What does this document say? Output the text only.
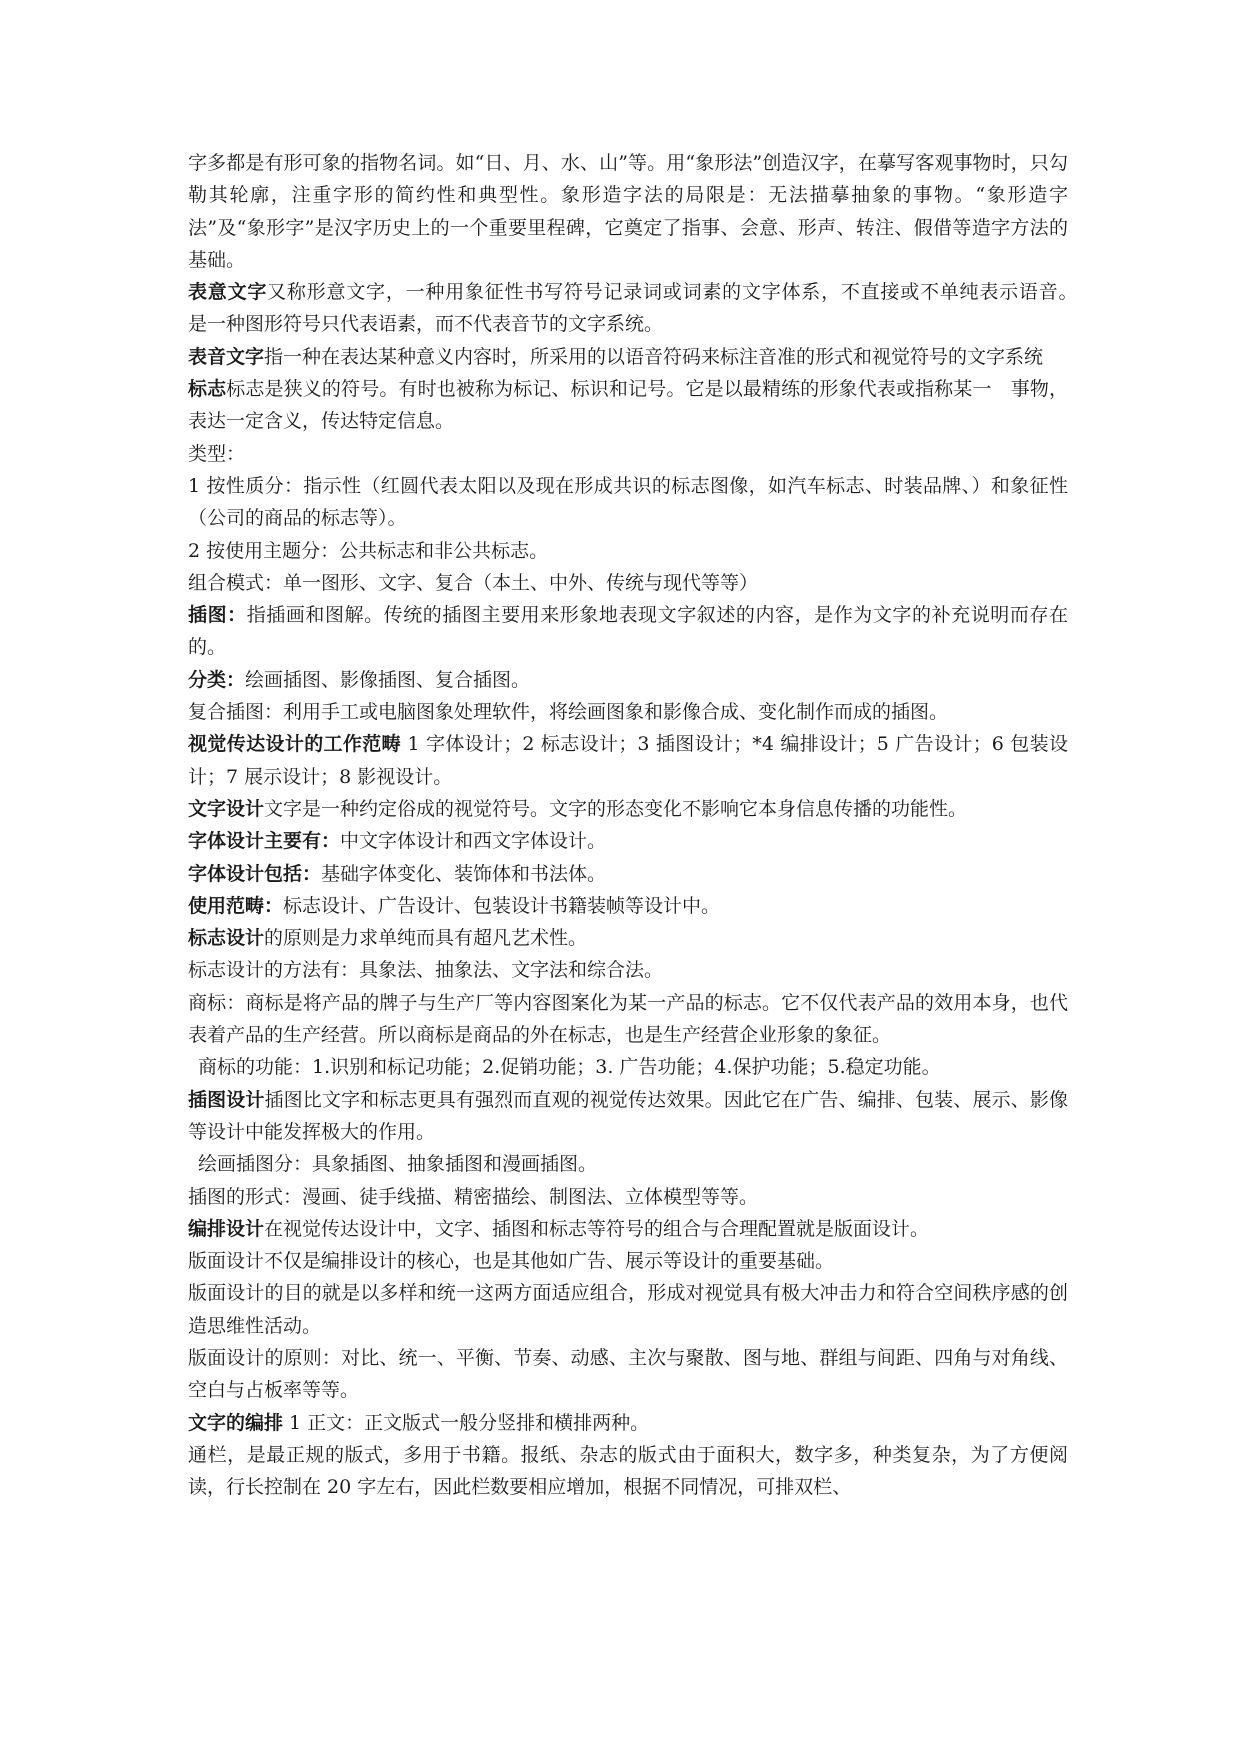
字多都是有形可象的指物名词。如“日、月、水、山”等。用“象形法”创造汉字，在摹写客观事物时，只勾勒其轮廓，注重字形的简约性和典型性。象形造字法的局限是：无法描摹抽象的事物。“象形造字法”及“象形字”是汉字历史上的一个重要里程碑，它奠定了指事、会意、形声、转注、假借等造字方法的基础。

表意文字又称形意文字，一种用象征性书写符号记录词或词素的文字体系，不直接或不单纯表示语音。　是一种图形符号只代表语素，而不代表音节的文字系统。

表音文字指一种在表达某种意义内容时，所采用的以语音符码来标注音准的形式和视觉符号的文字系统

标志标志是狭义的符号。有时也被称为标记、标识和记号。它是以最精练的形象代表或指称某一　事物，表达一定含义，传达特定信息。

类型：

1 按性质分：指示性（红圆代表太阳以及现在形成共识的标志图像，如汽车标志、时装品牌、）和象征性（公司的商品的标志等）。

2 按使用主题分：公共标志和非公共标志。

组合模式：单一图形、文字、复合（本土、中外、传统与现代等等）

插图：指插画和图解。传统的插图主要用来形象地表现文字叙述的内容，是作为文字的补充说明而存在的。

分类：绘画插图、影像插图、复合插图。

复合插图：利用手工或电脑图象处理软件，将绘画图象和影像合成、变化制作而成的插图。

视觉传达设计的工作范畴 1 字体设计；2 标志设计；3 插图设计；*4 编排设计；5 广告设计；6 包装设计；7 展示设计；8 影视设计。

文字设计文字是一种约定俗成的视觉符号。文字的形态变化不影响它本身信息传播的功能性。

字体设计主要有：中文字体设计和西文字体设计。

字体设计包括：基础字体变化、装饰体和书法体。

使用范畴：标志设计、广告设计、包装设计书籍装帧等设计中。

标志设计的原则是力求单纯而具有超凡艺术性。

标志设计的方法有：具象法、抽象法、文字法和综合法。

商标：商标是将产品的牌子与生产厂等内容图案化为某一产品的标志。它不仅代表产品的效用本身，也代表着产品的生产经营。所以商标是商品的外在标志，也是生产经营企业形象的象征。

商标的功能：1.识别和标记功能；2.促销功能；3. 广告功能；4.保护功能；5.稳定功能。

插图设计插图比文字和标志更具有强烈而直观的视觉传达效果。因此它在广告、编排、包装、展示、影像等设计中能发挥极大的作用。

绘画插图分：具象插图、抽象插图和漫画插图。

插图的形式：漫画、徒手线描、精密描绘、制图法、立体模型等等。

编排设计在视觉传达设计中，文字、插图和标志等符号的组合与合理配置就是版面设计。

版面设计不仅是编排设计的核心，也是其他如广告、展示等设计的重要基础。

版面设计的目的就是以多样和统一这两方面适应组合，形成对视觉具有极大冲击力和符合空间秩序感的创造思维性活动。

版面设计的原则：对比、统一、平衡、节奏、动感、主次与聚散、图与地、群组与间距、四角与对角线、空白与占板率等等。

文字的编排 1 正文：正文版式一般分竖排和横排两种。

通栏，是最正规的版式，多用于书籍。报纸、杂志的版式由于面积大，数字多，种类复杂，为了方便阅读，行长控制在 20 字左右，因此栏数要相应增加，根据不同情况，可排双栏、
